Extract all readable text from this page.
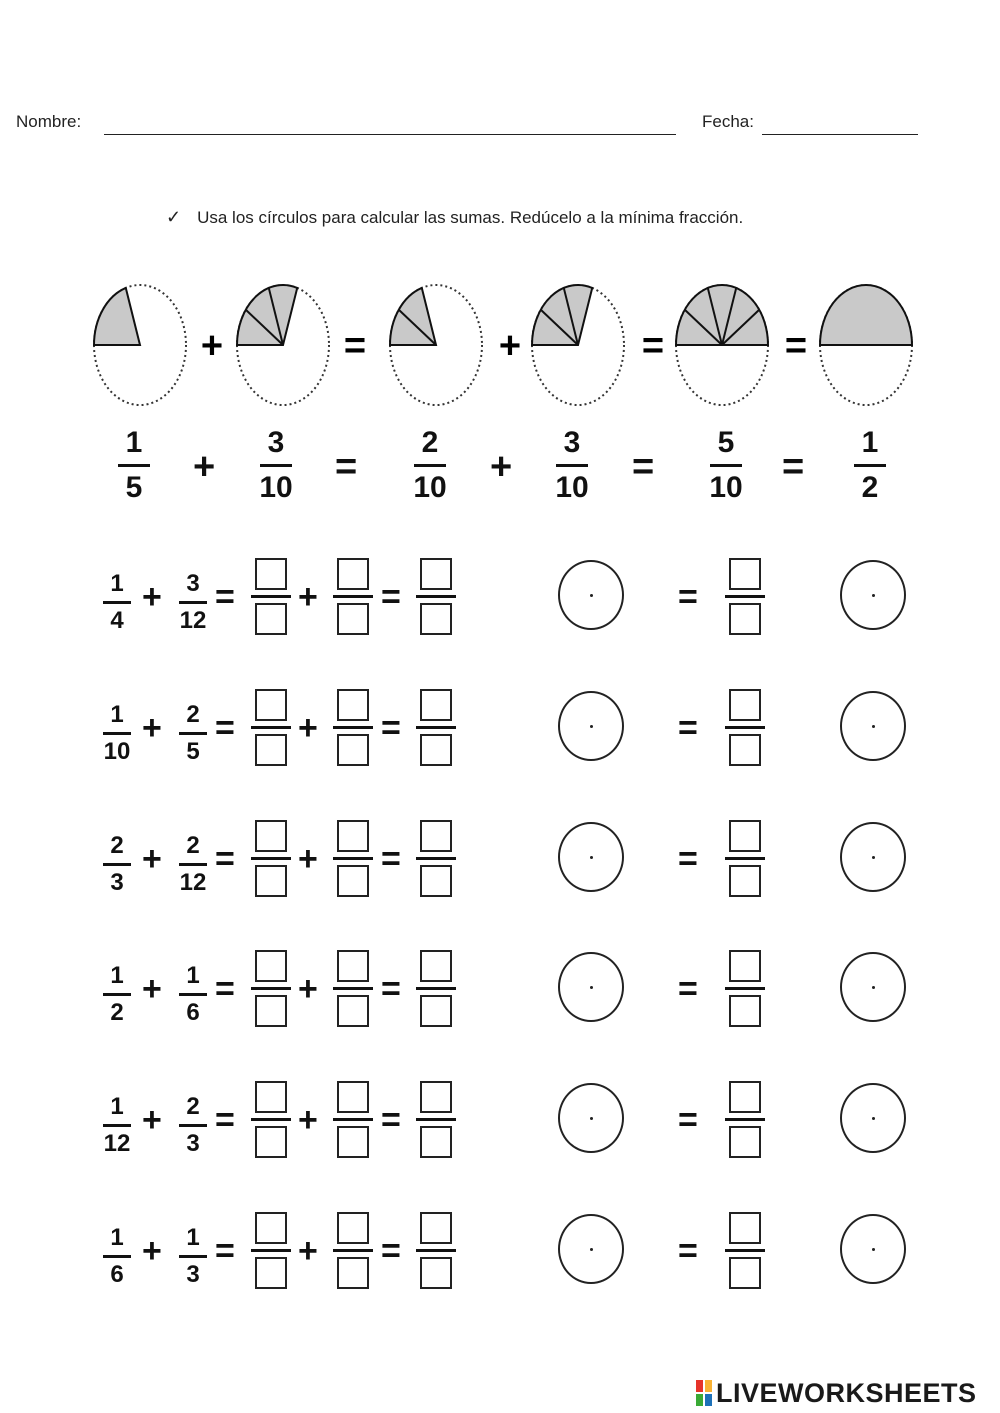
Nombre:	Fecha:
✓ Usa los círculos para calcular las sumas. Redúcelo a la mínima fracción.
+	=	+	=	=
1
5
3
10
2
10
3
10
5
10
1
2
+	=	+	=	=
1
4
+	3
12
= + =	=
1
10
+	2
5
= + =	=
2
3
+	2
12
= + =	=
1
2
+	1
6
= + =	=
1
12
+	2
3
= + =	=
1
6
+	1
3
= + =	=
LIVEWORKSHEETS
